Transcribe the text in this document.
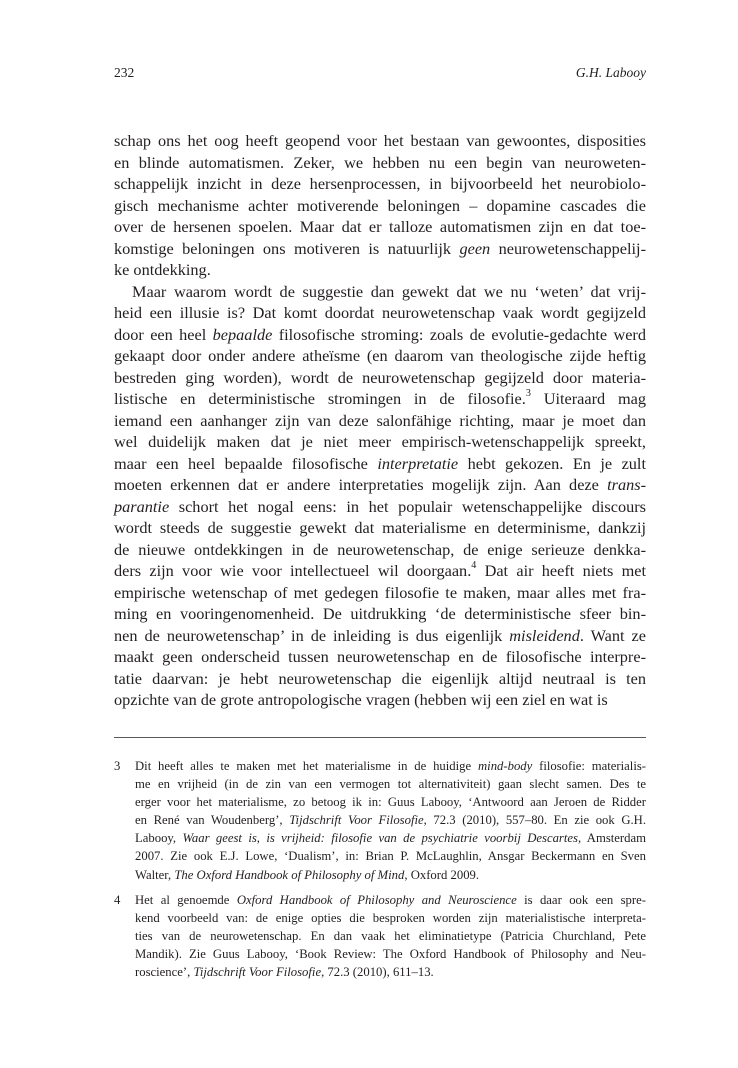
232	G.H. Labooy
schap ons het oog heeft geopend voor het bestaan van gewoontes, disposities
en blinde automatismen. Zeker, we hebben nu een begin van neuroweten-
schappelijk inzicht in deze hersenprocessen, in bijvoorbeeld het neurobiolo-
gisch mechanisme achter motiverende beloningen – dopamine cascades die
over de hersenen spoelen. Maar dat er talloze automatismen zijn en dat toe-
komstige beloningen ons motiveren is natuurlijk geen neurowetenschappelij-
ke ontdekking.
Maar waarom wordt de suggestie dan gewekt dat we nu ‘weten’ dat vrij-
heid een illusie is? Dat komt doordat neurowetenschap vaak wordt gegijzeld
door een heel bepaalde filosofische stroming: zoals de evolutie-gedachte werd
gekaapt door onder andere atheïsme (en daarom van theologische zijde heftig
bestreden ging worden), wordt de neurowetenschap gegijzeld door materia-
listische en deterministische stromingen in de filosofie.$^3$ Uiteraard mag
iemand een aanhanger zijn van deze salonfähige richting, maar je moet dan
wel duidelijk maken dat je niet meer empirisch-wetenschappelijk spreekt,
maar een heel bepaalde filosofische interpretatie hebt gekozen. En je zult
moeten erkennen dat er andere interpretaties mogelijk zijn. Aan deze trans-
parantie schort het nogal eens: in het populair wetenschappelijke discours
wordt steeds de suggestie gewekt dat materialisme en determinisme, dankzij
de nieuwe ontdekkingen in de neurowetenschap, de enige serieuze denkka-
ders zijn voor wie voor intellectueel wil doorgaan.$^4$ Dat air heeft niets met
empirische wetenschap of met gedegen filosofie te maken, maar alles met fra-
ming en vooringenomenheid. De uitdrukking ‘de deterministische sfeer bin-
nen de neurowetenschap’ in de inleiding is dus eigenlijk misleidend. Want ze
maakt geen onderscheid tussen neurowetenschap en de filosofische interpre-
tatie daarvan: je hebt neurowetenschap die eigenlijk altijd neutraal is ten
opzichte van de grote antropologische vragen (hebben wij een ziel en wat is
3 Dit heeft alles te maken met het materialisme in de huidige mind-body filosofie: materialis-
me en vrijheid (in de zin van een vermogen tot alternativiteit) gaan slecht samen. Des te
erger voor het materialisme, zo betoog ik in: Guus Labooy, ‘Antwoord aan Jeroen de Ridder
en René van Woudenberg’, Tijdschrift Voor Filosofie, 72.3 (2010), 557–80. En zie ook G.H.
Labooy, Waar geest is, is vrijheid: filosofie van de psychiatrie voorbij Descartes, Amsterdam
2007. Zie ook E.J. Lowe, ‘Dualism’, in: Brian P. McLaughlin, Ansgar Beckermann en Sven
Walter, The Oxford Handbook of Philosophy of Mind, Oxford 2009.
4 Het al genoemde Oxford Handbook of Philosophy and Neuroscience is daar ook een spre-
kend voorbeeld van: de enige opties die besproken worden zijn materialistische interpreta-
ties van de neurowetenschap. En dan vaak het eliminatietype (Patricia Churchland, Pete
Mandik). Zie Guus Labooy, ‘Book Review: The Oxford Handbook of Philosophy and Neu-
roscience’, Tijdschrift Voor Filosofie, 72.3 (2010), 611–13.
